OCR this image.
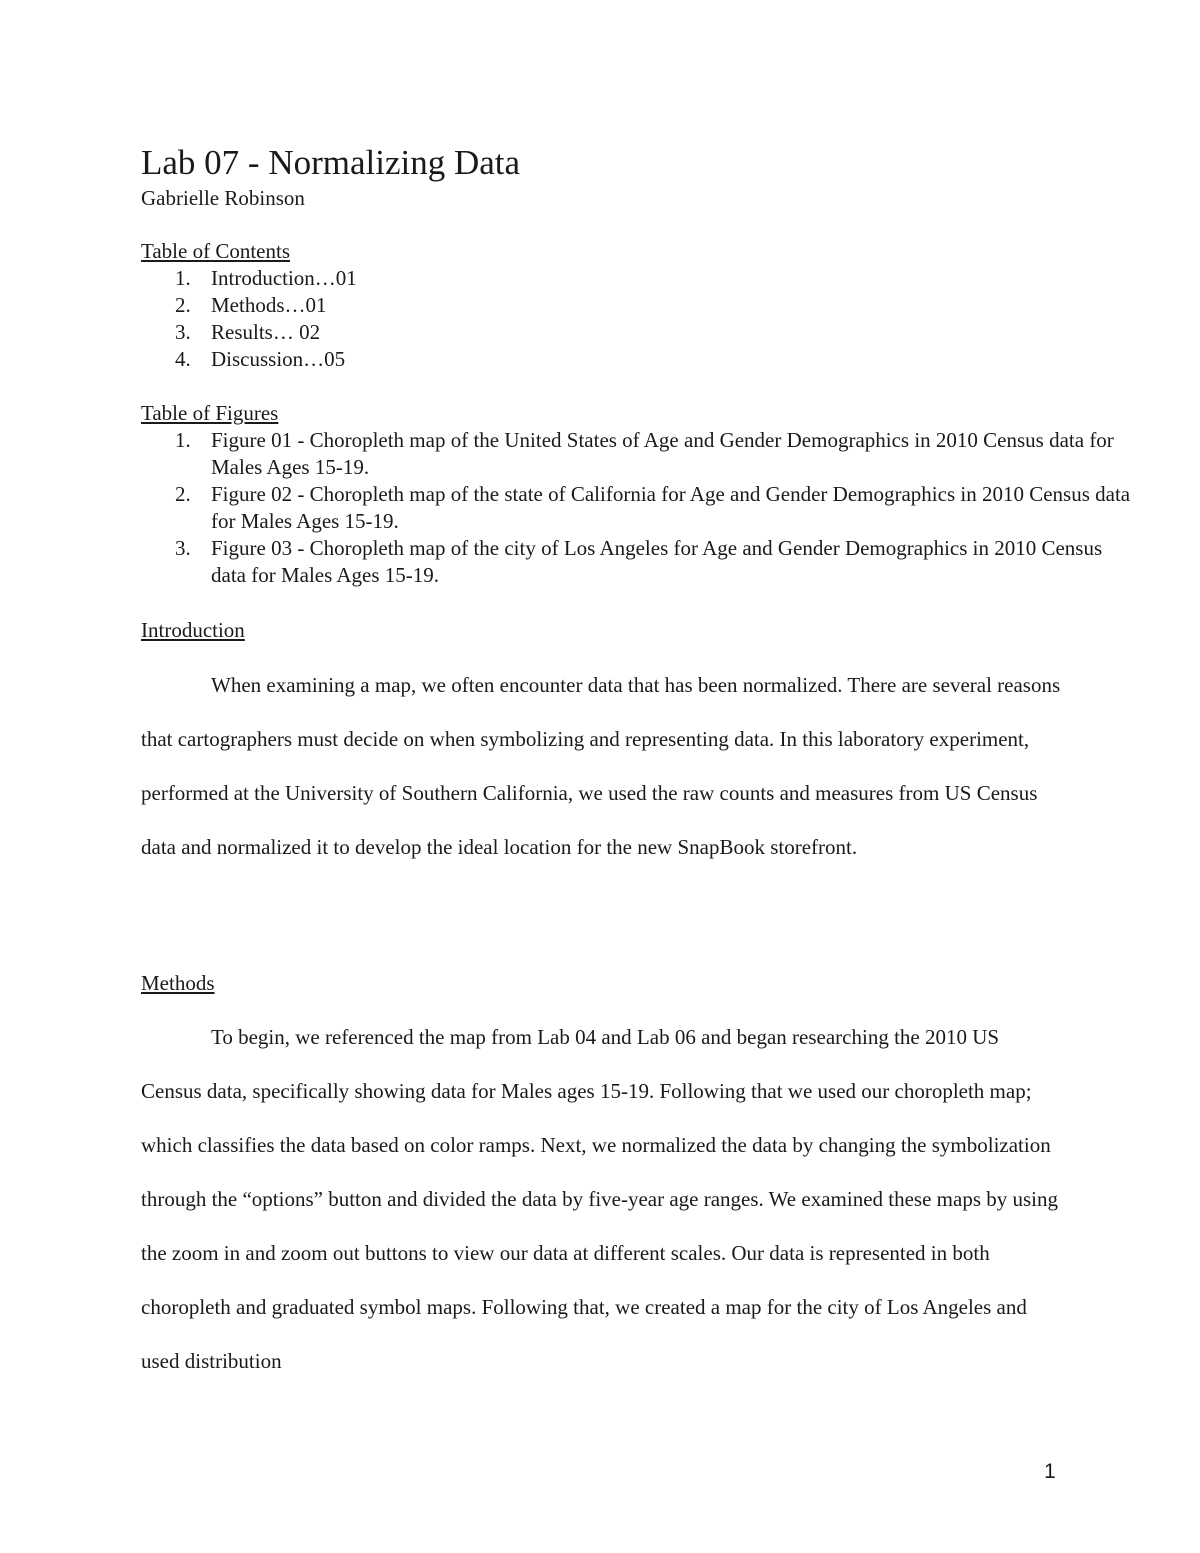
Lab 07 - Normalizing Data
Gabrielle Robinson
Table of Contents
1. Introduction…01
2. Methods…01
3. Results… 02
4. Discussion…05
Table of Figures
1. Figure 01 - Choropleth map of the United States of Age and Gender Demographics in 2010 Census data for Males Ages 15-19.
2. Figure 02 - Choropleth map of the state of California for Age and Gender Demographics in 2010 Census data for Males Ages 15-19.
3. Figure 03 - Choropleth map of the city of Los Angeles for Age and Gender Demographics in 2010 Census data for Males Ages 15-19.
Introduction

When examining a map, we often encounter data that has been normalized. There are several reasons that cartographers must decide on when symbolizing and representing data. In this laboratory experiment, performed at the University of Southern California, we used the raw counts and measures from US Census data and normalized it to develop the ideal location for the new SnapBook storefront.

Methods

To begin, we referenced the map from Lab 04 and Lab 06 and began researching the 2010 US Census data, specifically showing data for Males ages 15-19. Following that we used our choropleth map; which classifies the data based on color ramps. Next, we normalized the data by changing the symbolization through the “options” button and divided the data by five-year age ranges. We examined these maps by using the zoom in and zoom out buttons to view our data at different scales. Our data is represented in both choropleth and graduated symbol maps. Following that, we created a map for the city of Los Angeles and used distribution

1
